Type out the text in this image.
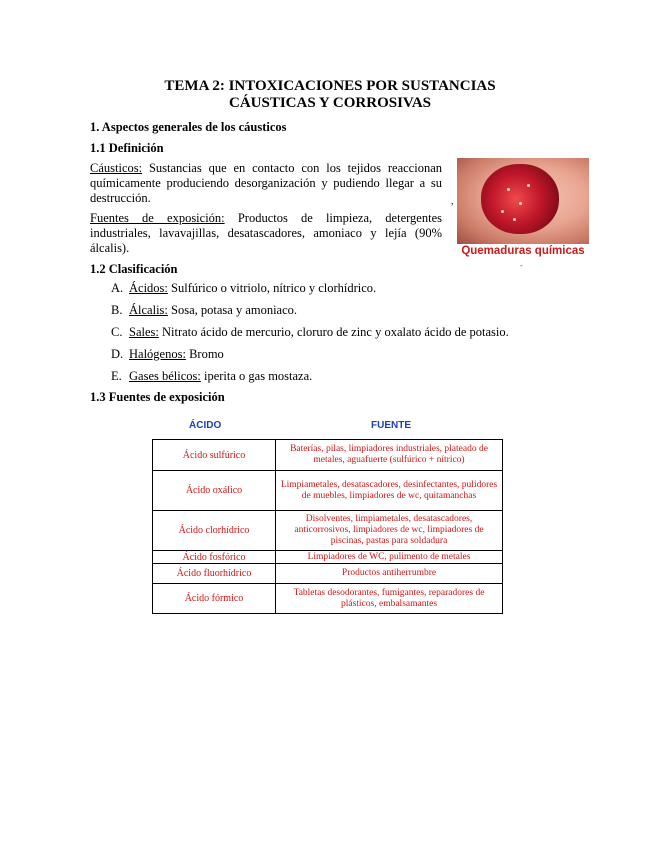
TEMA 2: INTOXICACIONES POR SUSTANCIAS
CÁUSTICAS Y CORROSIVAS
1. Aspectos generales de los cáusticos
1.1 Definición
Cáusticos: Sustancias que en contacto con los tejidos reaccionan químicamente produciendo desorganización y pudiendo llegar a su destrucción.
Fuentes de exposición: Productos de limpieza, detergentes industriales, lavavajillas, desatascadores, amoniaco y lejía (90% álcalis).
,
Quemaduras químicas
-
1.2 Clasificación
A. Ácidos: Sulfúrico o vitriolo, nítrico y clorhídrico.
B. Álcalis: Sosa, potasa y amoniaco.
C. Sales: Nitrato ácido de mercurio, cloruro de zinc y oxalato ácido de potasio.
D. Halógenos: Bromo
E. Gases bélicos: iperita o gas mostaza.
1.3 Fuentes de exposición
ÁCIDO	FUENTE
Ácido sulfúrico	Baterías, pilas, limpiadores industriales, plateado de metales, aguafuerte (sulfúrico + nítrico)
Ácido oxálico	Limpiametales, desatascadores, desinfectantes, pulidores de muebles, limpiadores de wc, quitamanchas
Ácido clorhídrico	Disolventes, limpiametales, desatascadores, anticorrosivos, limpiadores de wc, limpiadores de piscinas, pastas para soldadura
Ácido fosfórico	Limpiadores de WC, pulimento de metales
Ácido fluorhídrico	Productos antiherrumbre
Ácido fórmico	Tabletas desodorantes, fumigantes, reparadores de plásticos, embalsamantes
